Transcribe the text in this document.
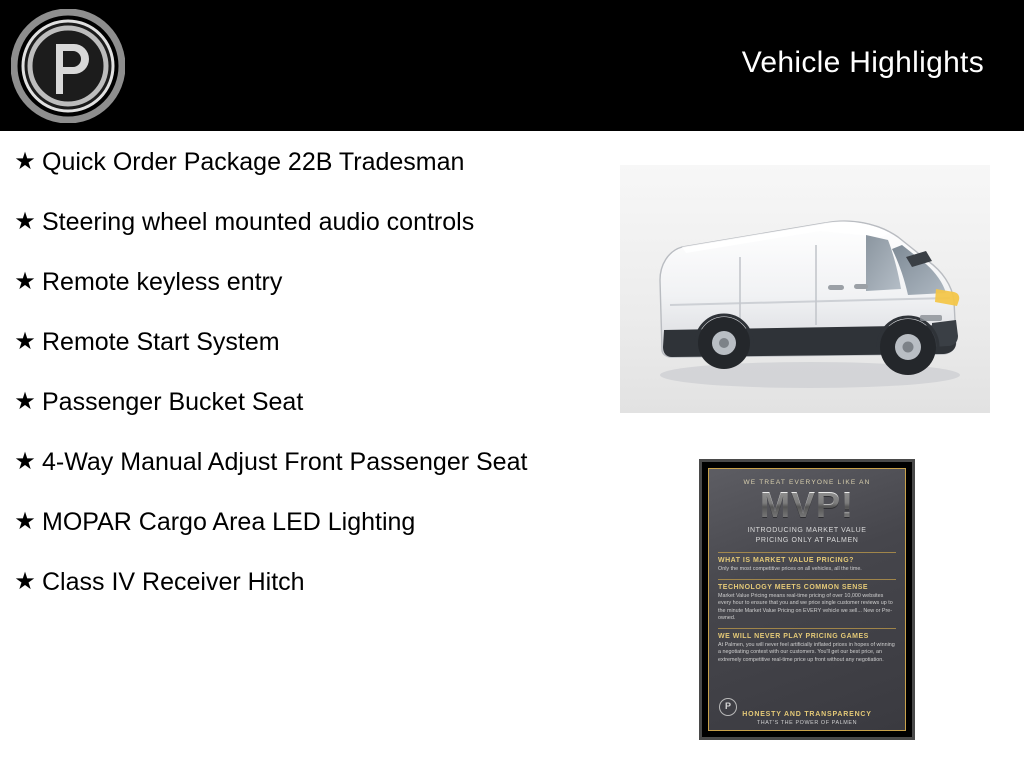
Vehicle Highlights
★ Quick Order Package 22B Tradesman
★ Steering wheel mounted audio controls
★ Remote keyless entry
★ Remote Start System
★ Passenger Bucket Seat
★ 4-Way Manual Adjust Front Passenger Seat
★ MOPAR Cargo Area LED Lighting
★ Class IV Receiver Hitch
WE TREAT EVERYONE LIKE AN
MVP!
INTRODUCING MARKET VALUE
PRICING ONLY AT PALMEN
WHAT IS MARKET VALUE PRICING?
Only the most competitive prices on all vehicles, all the time.
TECHNOLOGY MEETS COMMON SENSE
Market Value Pricing means real-time pricing of over 10,000 websites every hour to ensure that you and we price single customer reviews up to the minute Market Value Pricing on EVERY vehicle we sell... New or Pre-owned.
WE WILL NEVER PLAY PRICING GAMES
At Palmen, you will never feel artificially inflated prices in hopes of winning a negotiating contest with our customers. You'll get our best price, an extremely competitive real-time price up front without any negotiation.
P
HONESTY AND TRANSPARENCY
THAT'S THE POWER OF PALMEN
